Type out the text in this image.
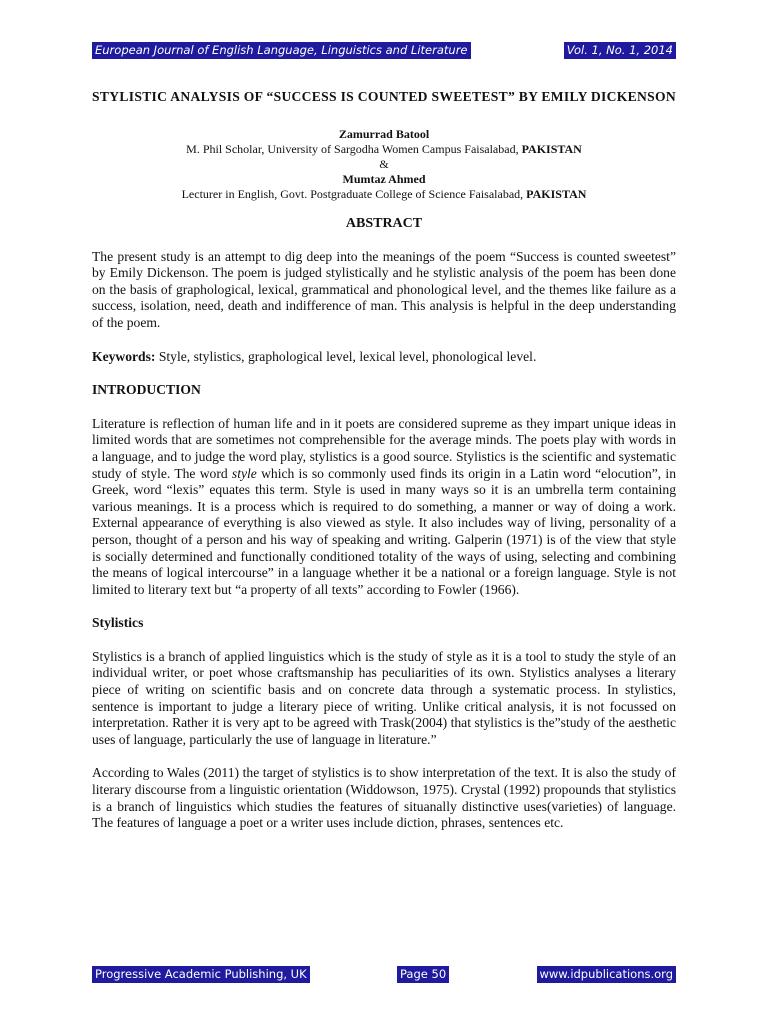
European Journal of English Language, Linguistics and Literature	Vol. 1, No. 1, 2014
STYLISTIC ANALYSIS OF “SUCCESS IS COUNTED SWEETEST” BY EMILY DICKENSON
Zamurrad Batool
M. Phil Scholar, University of Sargodha Women Campus Faisalabad, PAKISTAN
&
Mumtaz Ahmed
Lecturer in English, Govt. Postgraduate College of Science Faisalabad, PAKISTAN
ABSTRACT

The present study is an attempt to dig deep into the meanings of the poem “Success is counted sweetest” by Emily Dickenson. The poem is judged stylistically and he stylistic analysis of the poem has been done on the basis of graphological, lexical, grammatical and phonological level, and the themes like failure as a success, isolation, need, death and indifference of man. This analysis is helpful in the deep understanding of the poem.

Keywords: Style, stylistics, graphological level, lexical level, phonological level.

INTRODUCTION

Literature is reflection of human life and in it poets are considered supreme as they impart unique ideas in limited words that are sometimes not comprehensible for the average minds. The poets play with words in a language, and to judge the word play, stylistics is a good source. Stylistics is the scientific and systematic study of style. The word style which is so commonly used finds its origin in a Latin word “elocution”, in Greek, word “lexis” equates this term. Style is used in many ways so it is an umbrella term containing various meanings. It is a process which is required to do something, a manner or way of doing a work. External appearance of everything is also viewed as style. It also includes way of living, personality of a person, thought of a person and his way of speaking and writing. Galperin (1971) is of the view that style is socially determined and functionally conditioned totality of the ways of using, selecting and combining the means of logical intercourse” in a language whether it be a national or a foreign language. Style is not limited to literary text but “a property of all texts” according to Fowler (1966).

Stylistics

Stylistics is a branch of applied linguistics which is the study of style as it is a tool to study the style of an individual writer, or poet whose craftsmanship has peculiarities of its own. Stylistics analyses a literary piece of writing on scientific basis and on concrete data through a systematic process. In stylistics, sentence is important to judge a literary piece of writing. Unlike critical analysis, it is not focussed on interpretation. Rather it is very apt to be agreed with Trask(2004) that stylistics is the”study of the aesthetic uses of language, particularly the use of language in literature.”

According to Wales (2011) the target of stylistics is to show interpretation of the text. It is also the study of literary discourse from a linguistic orientation (Widdowson, 1975). Crystal (1992) propounds that stylistics is a branch of linguistics which studies the features of situanally distinctive uses(varieties) of language. The features of language a poet or a writer uses include diction, phrases, sentences etc.

Progressive Academic Publishing, UK	Page 50	www.idpublications.org
